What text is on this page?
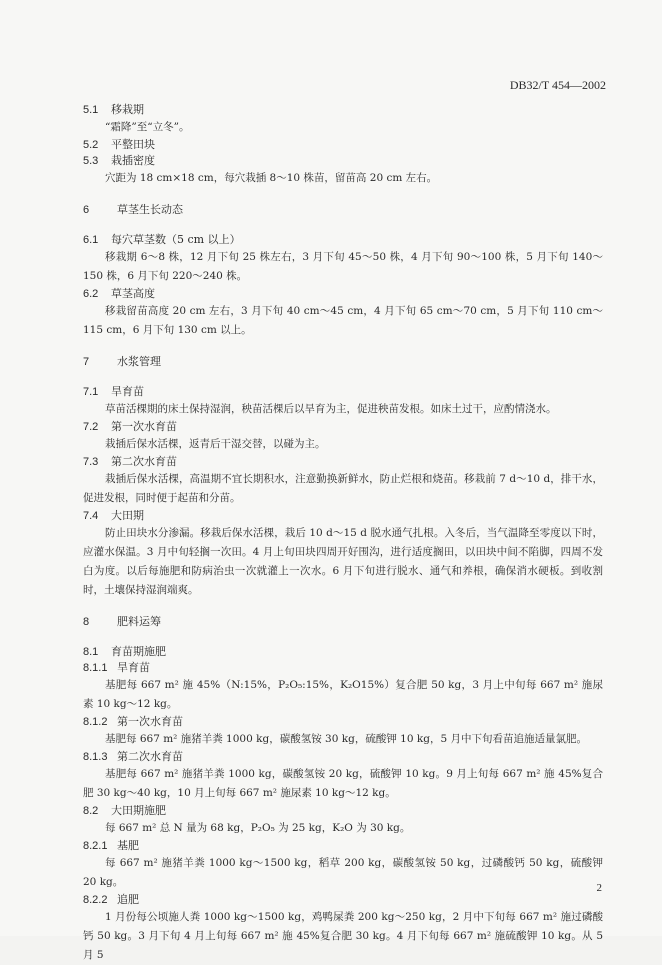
DB32/T 454—2002
5.1 移栽期

“霜降”至“立冬”。

5.2 平整田块
5.3 栽插密度

穴距为 18 cm×18 cm，每穴栽插 8～10 株苗，留苗高 20 cm 左右。

6	草茎生长动态
6.1 每穴草茎数（5 cm 以上）

移栽期 6～8 株，12 月下旬 25 株左右，3 月下旬 45～50 株，4 月下旬 90～100 株，5 月下旬 140～150 株，6 月下旬 220～240 株。

6.2 草茎高度

移栽留苗高度 20 cm 左右，3 月下旬 40 cm～45 cm，4 月下旬 65 cm～70 cm，5 月下旬 110 cm～115 cm，6 月下旬 130 cm 以上。

7	水浆管理
7.1 旱育苗

草苗活棵期的床土保持湿润，秧苗活棵后以旱育为主，促进秧苗发根。如床土过干，应酌情浇水。

7.2 第一次水育苗

栽插后保水活棵，返青后干湿交替，以碰为主。

7.3 第二次水育苗

栽插后保水活棵，高温期不宜长期积水，注意勤换新鲜水，防止烂根和烧苗。移栽前 7 d～10 d，排干水，促进发根，同时便于起苗和分苗。

7.4 大田期

防止田块水分渗漏。移栽后保水活棵，栽后 10 d～15 d 脱水通气扎根。入冬后，当气温降至零度以下时，应灌水保温。3 月中旬轻搁一次田。4 月上旬田块四周开好围沟，进行适度搁田，以田块中间不陷脚，四周不发白为度。以后每施肥和防病治虫一次就灌上一次水。6 月下旬进行脱水、通气和养根，确保消水硬板。到收割时，土壤保持湿润端爽。

8	肥料运筹
8.1 育苗期施肥
8.1.1 旱育苗

基肥每 667 m² 施 45%（N:15%，P₂O₅:15%，K₂O15%）复合肥 50 kg，3 月上中旬每 667 m² 施尿素 10 kg～12 kg。

8.1.2 第一次水育苗

基肥每 667 m² 施猪羊粪 1000 kg，碳酸氢铵 30 kg，硫酸钾 10 kg，5 月中下旬看苗追施适量氯肥。

8.1.3 第二次水育苗

基肥每 667 m² 施猪羊粪 1000 kg，碳酸氢铵 20 kg，硫酸钾 10 kg。9 月上旬每 667 m² 施 45%复合肥 30 kg～40 kg，10 月上旬每 667 m² 施尿素 10 kg～12 kg。

8.2 大田期施肥

每 667 m² 总 N 量为 68 kg，P₂O₅ 为 25 kg，K₂O 为 30 kg。

8.2.1 基肥

每 667 m² 施猪羊粪 1000 kg～1500 kg，稻草 200 kg，碳酸氢铵 50 kg，过磷酸钙 50 kg，硫酸钾 20 kg。

8.2.2 追肥

1 月份每公顷施人粪 1000 kg～1500 kg，鸡鸭屎粪 200 kg～250 kg，2 月中下旬每 667 m² 施过磷酸钙 50 kg。3 月下旬 4 月上旬每 667 m² 施 45%复合肥 30 kg。4 月下旬每 667 m² 施硫酸钾 10 kg。从 5 月 5

2
